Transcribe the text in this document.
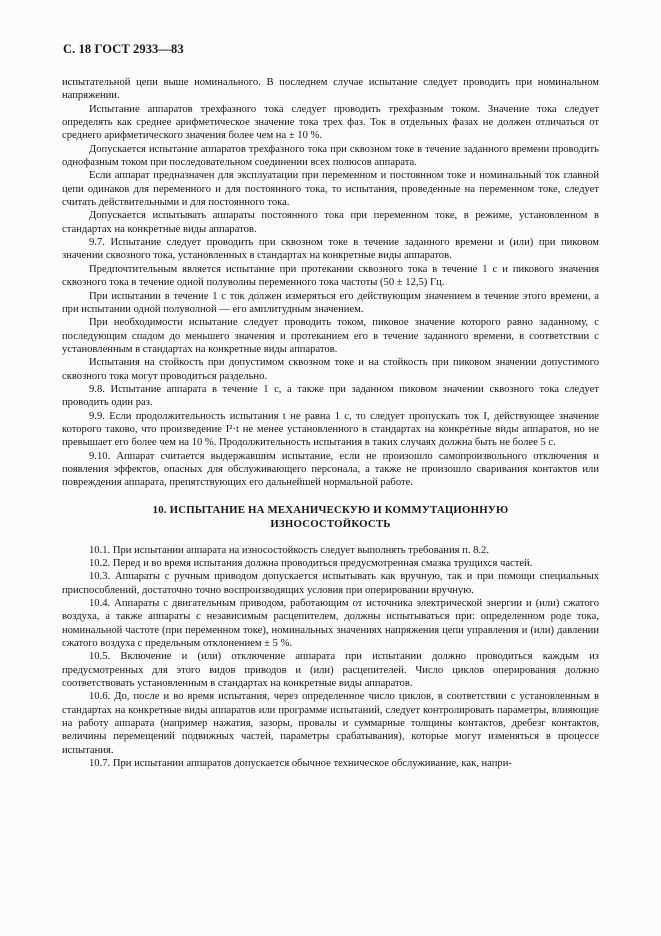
С. 18 ГОСТ 2933—83

испытательной цепи выше номинального. В последнем случае испытание следует проводить при номинальном напряжении.

Испытание аппаратов трехфазного тока следует проводить трехфазным током. Значение тока следует определять как среднее арифметическое значение тока трех фаз. Ток в отдельных фазах не должен отличаться от среднего арифметического значения более чем на ± 10 %.

Допускается испытание аппаратов трехфазного тока при сквозном токе в течение заданного времени проводить однофазным током при последовательном соединении всех полюсов аппарата.

Если аппарат предназначен для эксплуатации при переменном и постоянном токе и номинальный ток главной цепи одинаков для переменного и для постоянного тока, то испытания, проведенные на переменном токе, следует считать действительными и для постоянного тока.

Допускается испытывать аппараты постоянного тока при переменном токе, в режиме, установленном в стандартах на конкретные виды аппаратов.

9.7. Испытание следует проводить при сквозном токе в течение заданного времени и (или) при пиковом значении сквозного тока, установленных в стандартах на конкретные виды аппаратов.

Предпочтительным является испытание при протекании сквозного тока в течение 1 с и пикового значения сквозного тока в течение одной полуволны переменного тока частоты (50 ± 12,5) Гц.

При испытании в течение 1 с ток должен измеряться его действующим значением в течение этого времени, а при испытании одной полуволной — его амплитудным значением.

При необходимости испытание следует проводить током, пиковое значение которого равно заданному, с последующим спадом до меньшего значения и протеканием его в течение заданного времени, в соответствии с установленным в стандартах на конкретные виды аппаратов.

Испытания на стойкость при допустимом сквозном токе и на стойкость при пиковом значении допустимого сквозного тока могут проводиться раздельно.

9.8. Испытание аппарата в течение 1 с, а также при заданном пиковом значении сквозного тока следует проводить один раз.

9.9. Если продолжительность испытания t не равна 1 с, то следует пропускать ток I, действующее значение которого таково, что произведение I²·t не менее установленного в стандартах на конкретные виды аппаратов, но не превышает его более чем на 10 %. Продолжительность испытания в таких случаях должна быть не более 5 с.

9.10. Аппарат считается выдержавшим испытание, если не произошло самопроизвольного отключения и появления эффектов, опасных для обслуживающего персонала, а также не произошло сваривания контактов или повреждения аппарата, препятствующих его дальнейшей нормальной работе.

10. ИСПЫТАНИЕ НА МЕХАНИЧЕСКУЮ И КОММУТАЦИОННУЮ
ИЗНОСОСТОЙКОСТЬ

10.1. При испытании аппарата на износостойкость следует выполнять требования п. 8.2.

10.2. Перед и во время испытания должна проводиться предусмотренная смазка трущихся частей.

10.3. Аппараты с ручным приводом допускается испытывать как вручную, так и при помощи специальных приспособлений, достаточно точно воспроизводящих условия при оперировании вручную.

10.4. Аппараты с двигательным приводом, работающим от источника электрической энергии и (или) сжатого воздуха, а также аппараты с независимым расцепителем, должны испытываться при: определенном роде тока, номинальной частоте (при переменном токе), номинальных значениях напряжения цепи управления и (или) давлении сжатого воздуха с предельным отклонением ± 5 %.

10.5. Включение и (или) отключение аппарата при испытании должно проводиться каждым из предусмотренных для этого видов приводов и (или) расцепителей. Число циклов оперирования должно соответствовать установленным в стандартах на конкретные виды аппаратов.

10.6. До, после и во время испытания, через определенное число циклов, в соответствии с установленным в стандартах на конкретные виды аппаратов или программе испытаний, следует контролировать параметры, влияющие на работу аппарата (например нажатия, зазоры, провалы и суммарные толщины контактов, дребезг контактов, величины перемещений подвижных частей, параметры срабатывания), которые могут изменяться в процессе испытания.

10.7. При испытании аппаратов допускается обычное техническое обслуживание, как, напри-
